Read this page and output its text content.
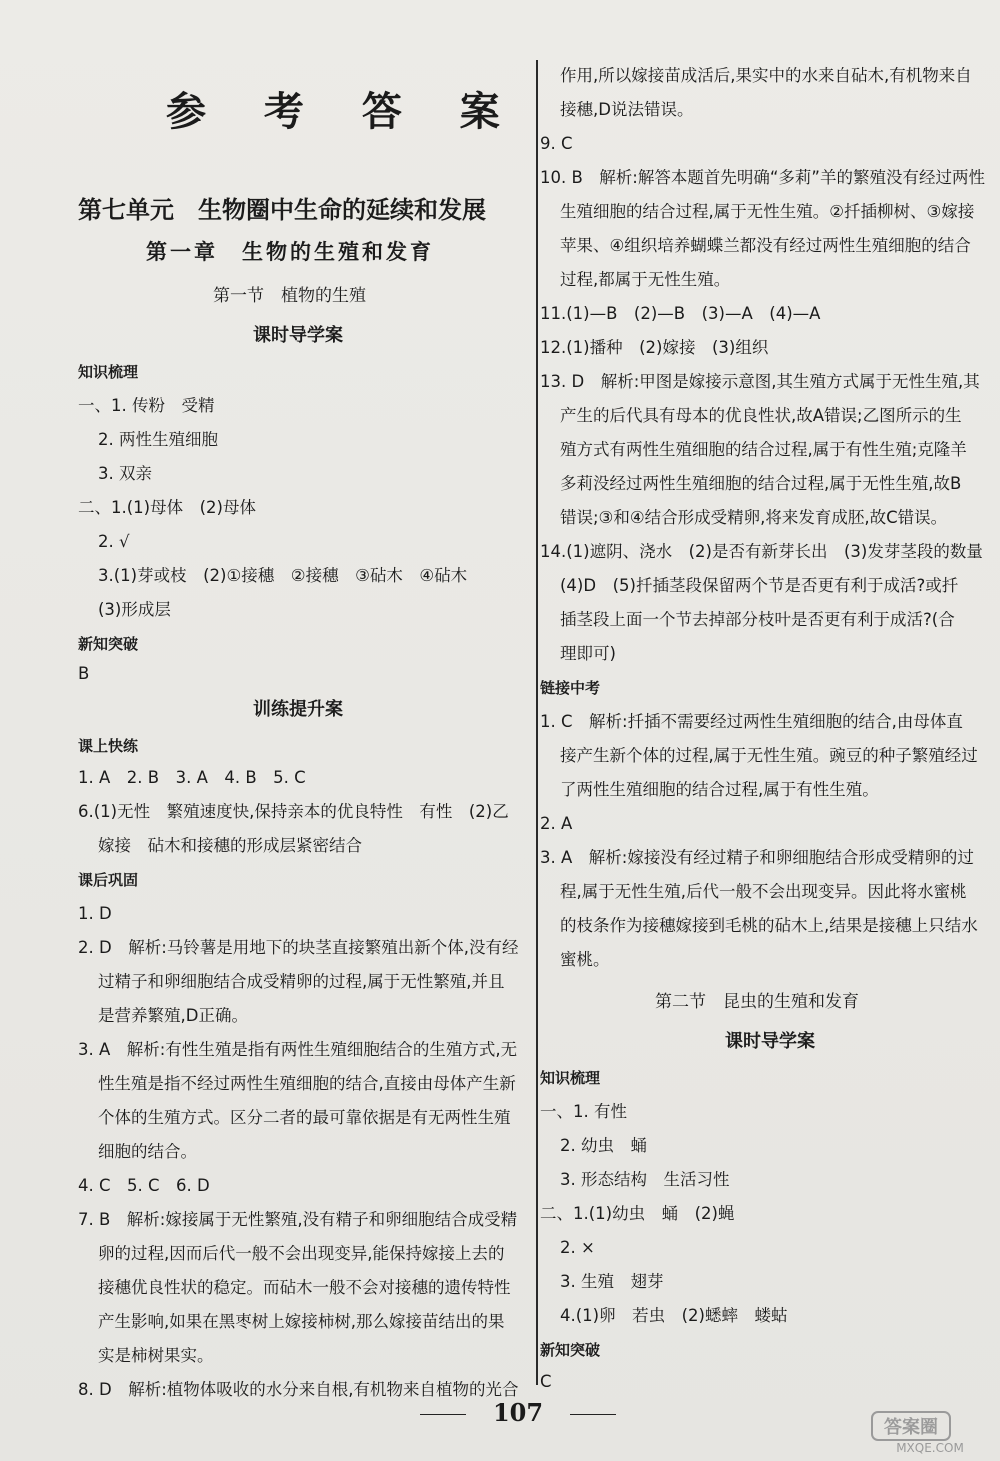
参 考 答 案
第七单元　生物圈中生命的延续和发展
第一章　生物的生殖和发育
第一节　植物的生殖
课时导学案
知识梳理
一、1. 传粉　受精
2. 两性生殖细胞
3. 双亲
二、1.(1)母体　(2)母体
2. √
3.(1)芽或枝　(2)①接穗　②接穗　③砧木　④砧木
(3)形成层
新知突破
B
训练提升案
课上快练
1. A　2. B　3. A　4. B　5. C
6.(1)无性　繁殖速度快,保持亲本的优良特性　有性　(2)乙
嫁接　砧木和接穗的形成层紧密结合
课后巩固
1. D
2. D　解析:马铃薯是用地下的块茎直接繁殖出新个体,没有经
过精子和卵细胞结合成受精卵的过程,属于无性繁殖,并且
是营养繁殖,D正确。
3. A　解析:有性生殖是指有两性生殖细胞结合的生殖方式,无
性生殖是指不经过两性生殖细胞的结合,直接由母体产生新
个体的生殖方式。区分二者的最可靠依据是有无两性生殖
细胞的结合。
4. C　5. C　6. D
7. B　解析:嫁接属于无性繁殖,没有精子和卵细胞结合成受精
卵的过程,因而后代一般不会出现变异,能保持嫁接上去的
接穗优良性状的稳定。而砧木一般不会对接穗的遗传特性
产生影响,如果在黑枣树上嫁接柿树,那么嫁接苗结出的果
实是柿树果实。
8. D　解析:植物体吸收的水分来自根,有机物来自植物的光合
作用,所以嫁接苗成活后,果实中的水来自砧木,有机物来自
接穗,D说法错误。
9. C
10. B　解析:解答本题首先明确“多莉”羊的繁殖没有经过两性
生殖细胞的结合过程,属于无性生殖。②扦插柳树、③嫁接
苹果、④组织培养蝴蝶兰都没有经过两性生殖细胞的结合
过程,都属于无性生殖。
11.(1)—B　(2)—B　(3)—A　(4)—A
12.(1)播种　(2)嫁接　(3)组织
13. D　解析:甲图是嫁接示意图,其生殖方式属于无性生殖,其
产生的后代具有母本的优良性状,故A错误;乙图所示的生
殖方式有两性生殖细胞的结合过程,属于有性生殖;克隆羊
多莉没经过两性生殖细胞的结合过程,属于无性生殖,故B
错误;③和④结合形成受精卵,将来发育成胚,故C错误。
14.(1)遮阴、浇水　(2)是否有新芽长出　(3)发芽茎段的数量
(4)D　(5)扦插茎段保留两个节是否更有利于成活?或扦
插茎段上面一个节去掉部分枝叶是否更有利于成活?(合
理即可)
链接中考
1. C　解析:扦插不需要经过两性生殖细胞的结合,由母体直
接产生新个体的过程,属于无性生殖。豌豆的种子繁殖经过
了两性生殖细胞的结合过程,属于有性生殖。
2. A
3. A　解析:嫁接没有经过精子和卵细胞结合形成受精卵的过
程,属于无性生殖,后代一般不会出现变异。因此将水蜜桃
的枝条作为接穗嫁接到毛桃的砧木上,结果是接穗上只结水
蜜桃。
第二节　昆虫的生殖和发育
课时导学案
知识梳理
一、1. 有性
2. 幼虫　蛹
3. 形态结构　生活习性
二、1.(1)幼虫　蛹　(2)蝇
2. ×
3. 生殖　翅芽
4.(1)卵　若虫　(2)蟋蟀　蝼蛄
新知突破
C
107
答案圈
MXQE.COM
